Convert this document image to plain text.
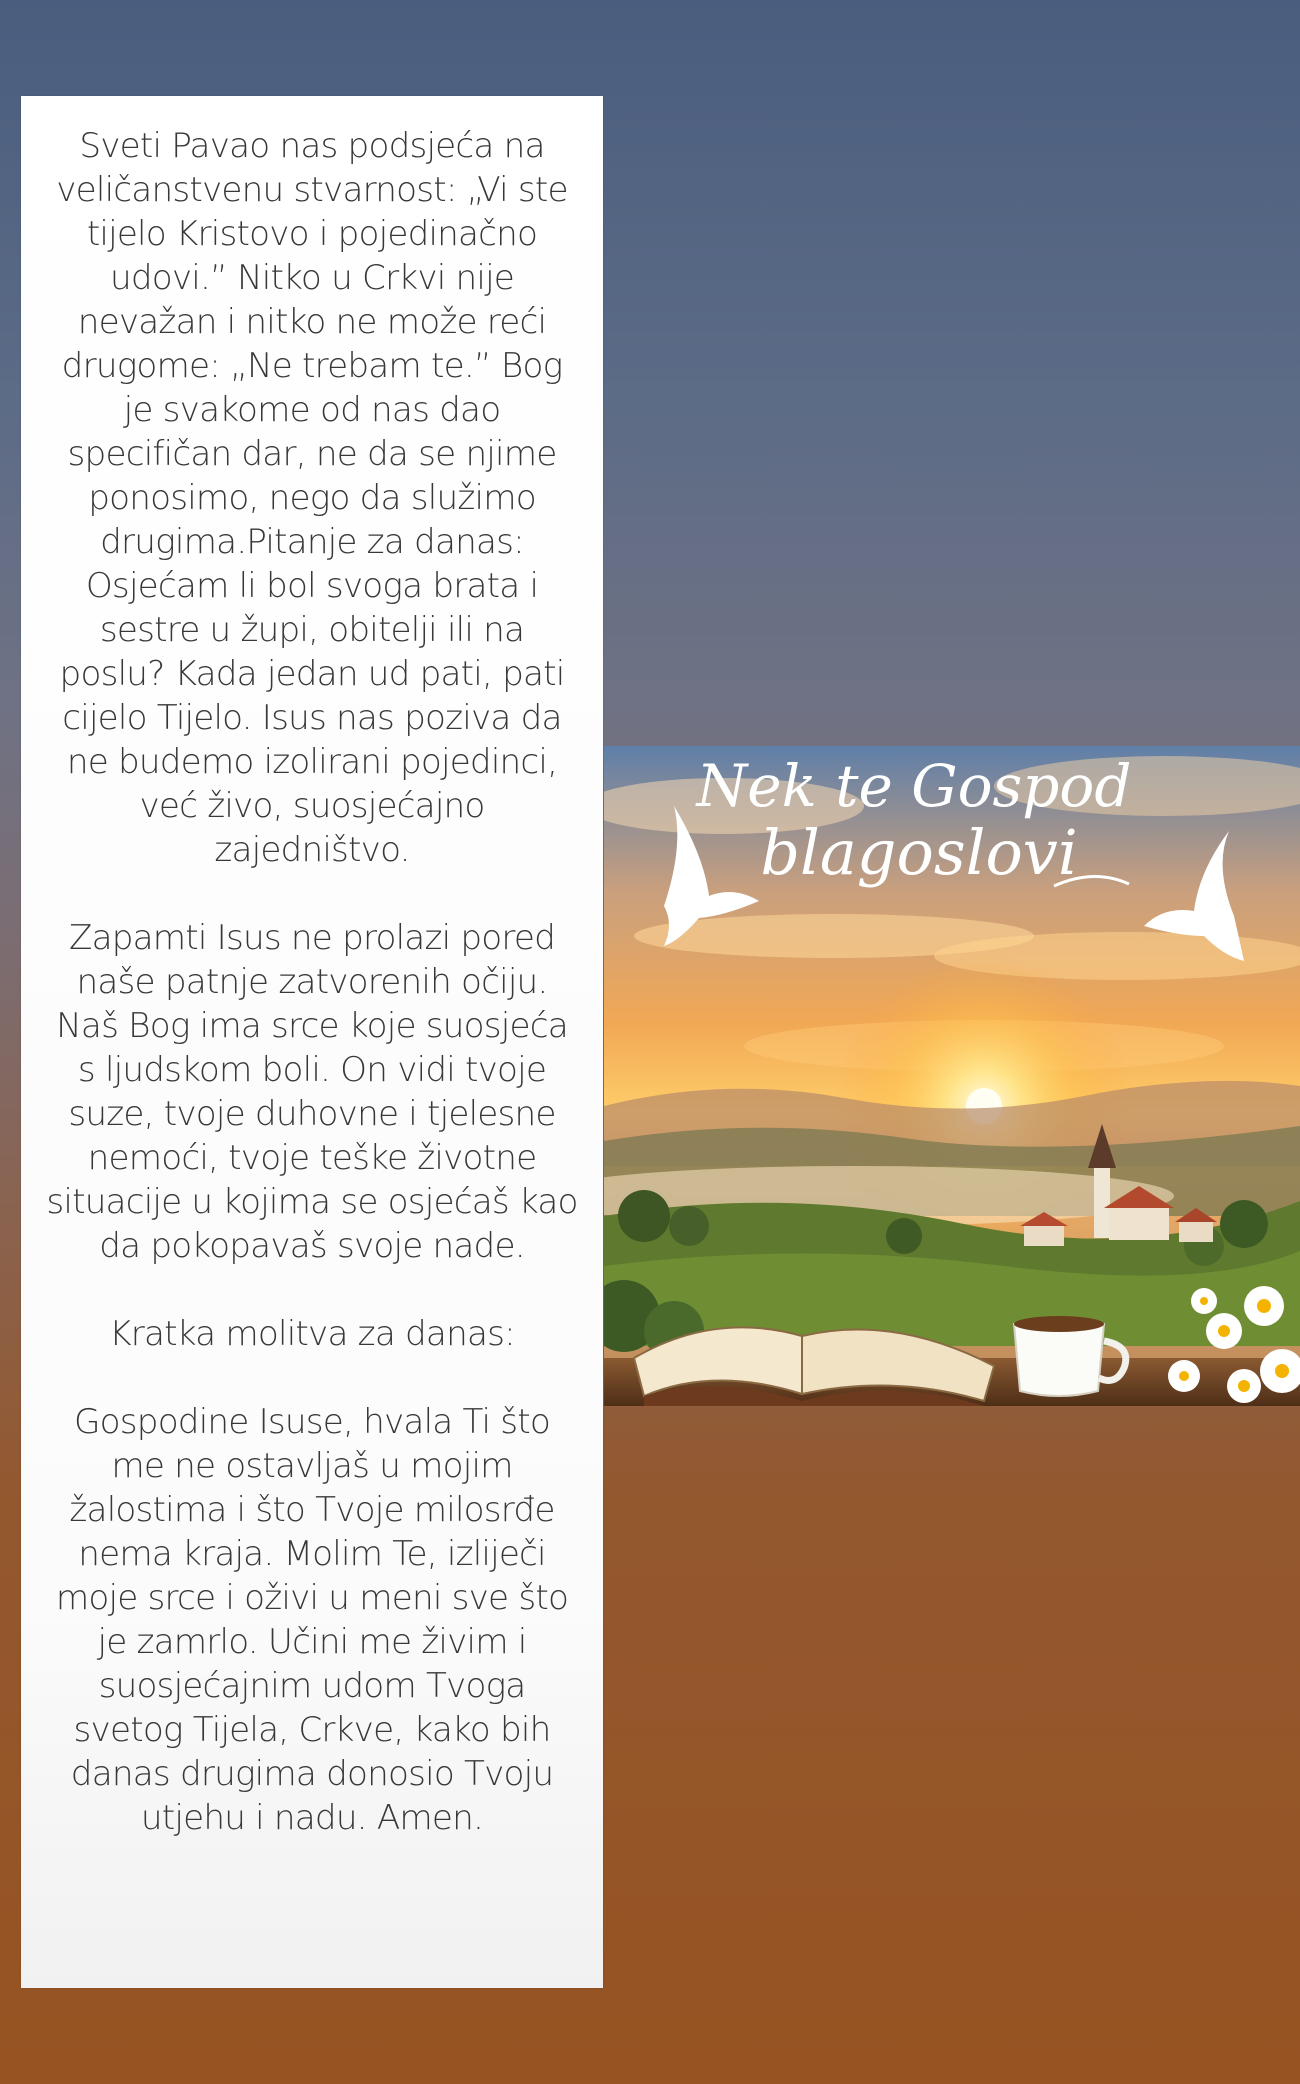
Sveti Pavao nas podsjeća na veličanstvenu stvarnost: „Vi ste tijelo Kristovo i pojedinačno udovi.” Nitko u Crkvi nije nevažan i nitko ne može reći drugome: „Ne trebam te.” Bog je svakome od nas dao specifičan dar, ne da se njime ponosimo, nego da služimo drugima.Pitanje za danas: Osjećam li bol svoga brata i sestre u župi, obitelji ili na poslu? Kada jedan ud pati, pati cijelo Tijelo. Isus nas poziva da ne budemo izolirani pojedinci, već živo, suosjećajno zajedništvo.

Zapamti Isus ne prolazi pored naše patnje zatvorenih očiju. Naš Bog ima srce koje suosjeća s ljudskom boli. On vidi tvoje suze, tvoje duhovne i tjelesne nemoći, tvoje teške životne situacije u kojima se osjećaš kao da pokopavaš svoje nade.

Kratka molitva za danas:

Gospodine Isuse, hvala Ti što me ne ostavljaš u mojim žalostima i što Tvoje milosrđe nema kraja. Molim Te, izliječi moje srce i oživi u meni sve što je zamrlo. Učini me živim i suosjećajnim udom Tvoga svetog Tijela, Crkve, kako bih danas drugima donosio Tvoju utjehu i nadu. Amen.

Nek te Gospod
blagoslovi
